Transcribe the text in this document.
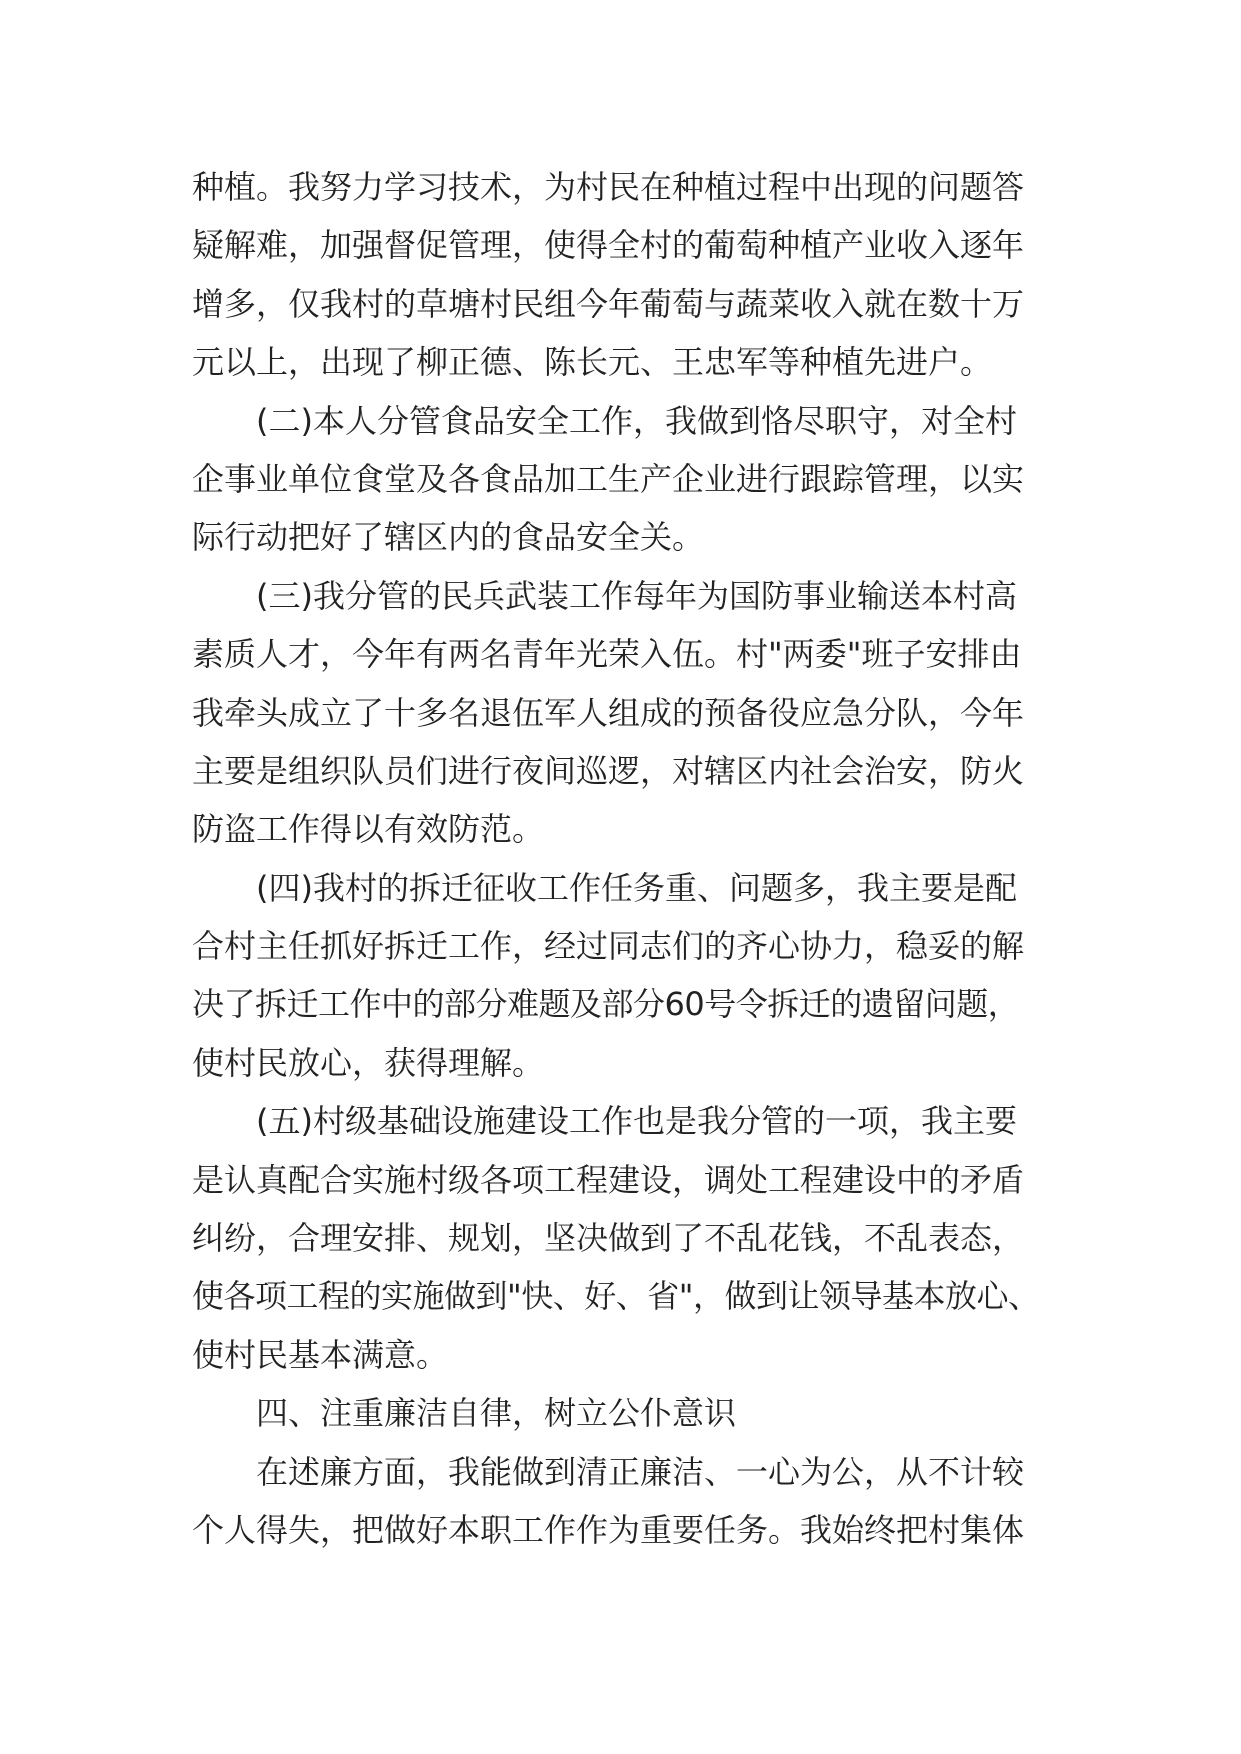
种植。我努力学习技术，为村民在种植过程中出现的问题答
疑解难，加强督促管理，使得全村的葡萄种植产业收入逐年
增多，仅我村的草塘村民组今年葡萄与蔬菜收入就在数十万
元以上，出现了柳正德、陈长元、王忠军等种植先进户。
(二)本人分管食品安全工作，我做到恪尽职守，对全村
企事业单位食堂及各食品加工生产企业进行跟踪管理，以实
际行动把好了辖区内的食品安全关。
(三)我分管的民兵武装工作每年为国防事业输送本村高
素质人才，今年有两名青年光荣入伍。村"两委"班子安排由
我牵头成立了十多名退伍军人组成的预备役应急分队，今年
主要是组织队员们进行夜间巡逻，对辖区内社会治安，防火
防盗工作得以有效防范。
(四)我村的拆迁征收工作任务重、问题多，我主要是配
合村主任抓好拆迁工作，经过同志们的齐心协力，稳妥的解
决了拆迁工作中的部分难题及部分60号令拆迁的遗留问题，
使村民放心，获得理解。
(五)村级基础设施建设工作也是我分管的一项，我主要
是认真配合实施村级各项工程建设，调处工程建设中的矛盾
纠纷，合理安排、规划，坚决做到了不乱花钱，不乱表态，
使各项工程的实施做到"快、好、省"，做到让领导基本放心、
使村民基本满意。
四、注重廉洁自律，树立公仆意识
在述廉方面，我能做到清正廉洁、一心为公，从不计较
个人得失，把做好本职工作作为重要任务。我始终把村集体
